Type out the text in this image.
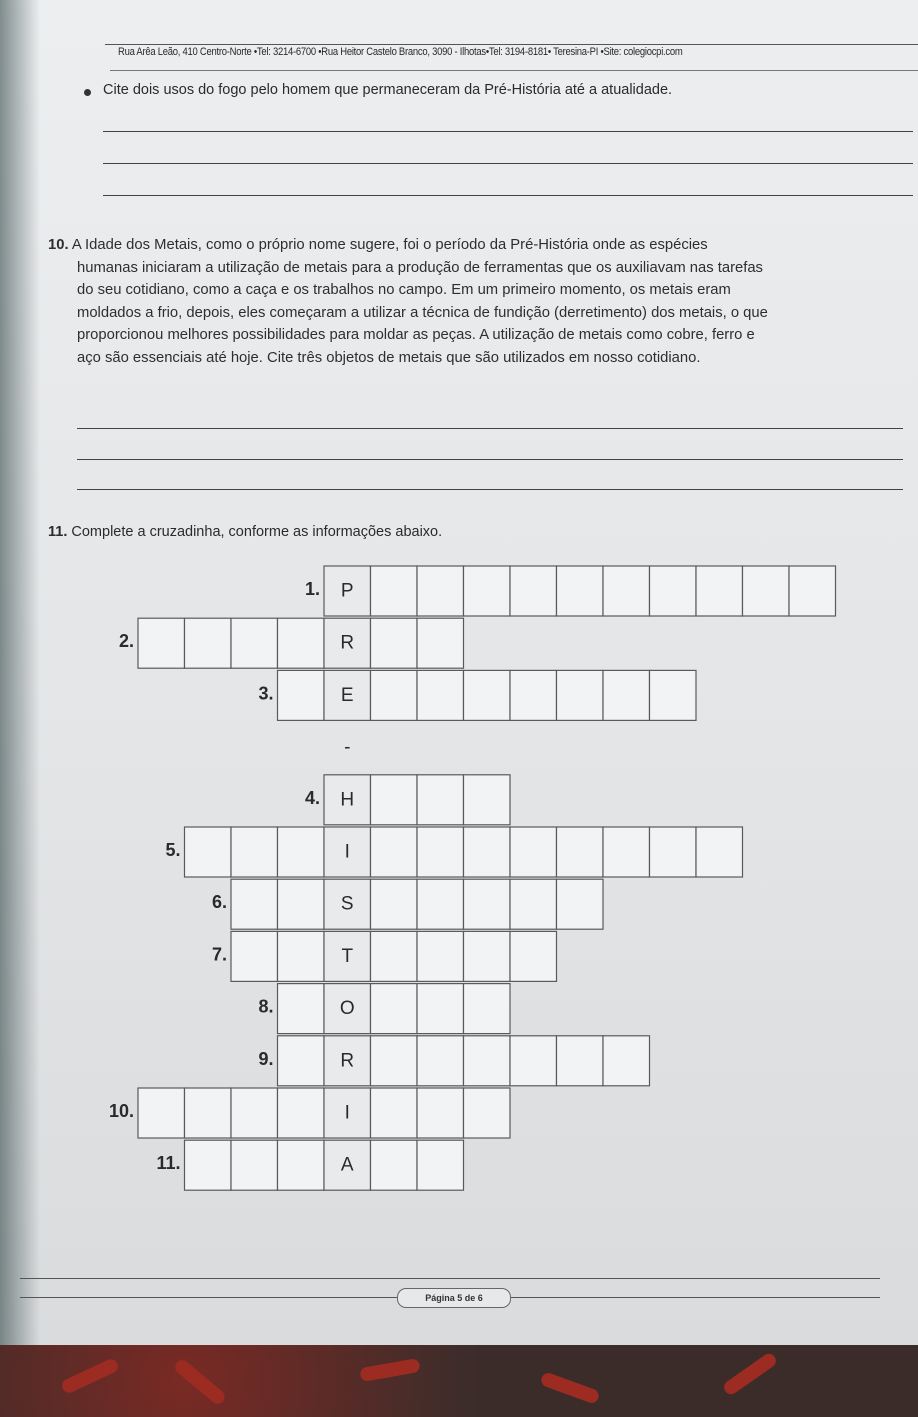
Rua Arêa Leão, 410 Centro-Norte •Tel: 3214-6700 •Rua Heitor Castelo Branco, 3090 - Ilhotas•Tel: 3194-8181• Teresina-PI •Site: colegiocpi.com
Cite dois usos do fogo pelo homem que permaneceram da Pré-História até a atualidade.
10. A Idade dos Metais, como o próprio nome sugere, foi o período da Pré-História onde as espécies
humanas iniciaram a utilização de metais para a produção de ferramentas que os auxiliavam nas tarefas
do seu cotidiano, como a caça e os trabalhos no campo. Em um primeiro momento, os metais eram
moldados a frio, depois, eles começaram a utilizar a técnica de fundição (derretimento) dos metais, o que
proporcionou melhores possibilidades para moldar as peças. A utilização de metais como cobre, ferro e
aço são essenciais até hoje. Cite três objetos de metais que são utilizados em nosso cotidiano.
11. Complete a cruzadinha, conforme as informações abaixo.
P
1.
R
2.
E
3.
-
H
4.
I
5.
S
6.
T
7.
O
8.
R
9.
I
10.
A
11.
Página 5 de 6
